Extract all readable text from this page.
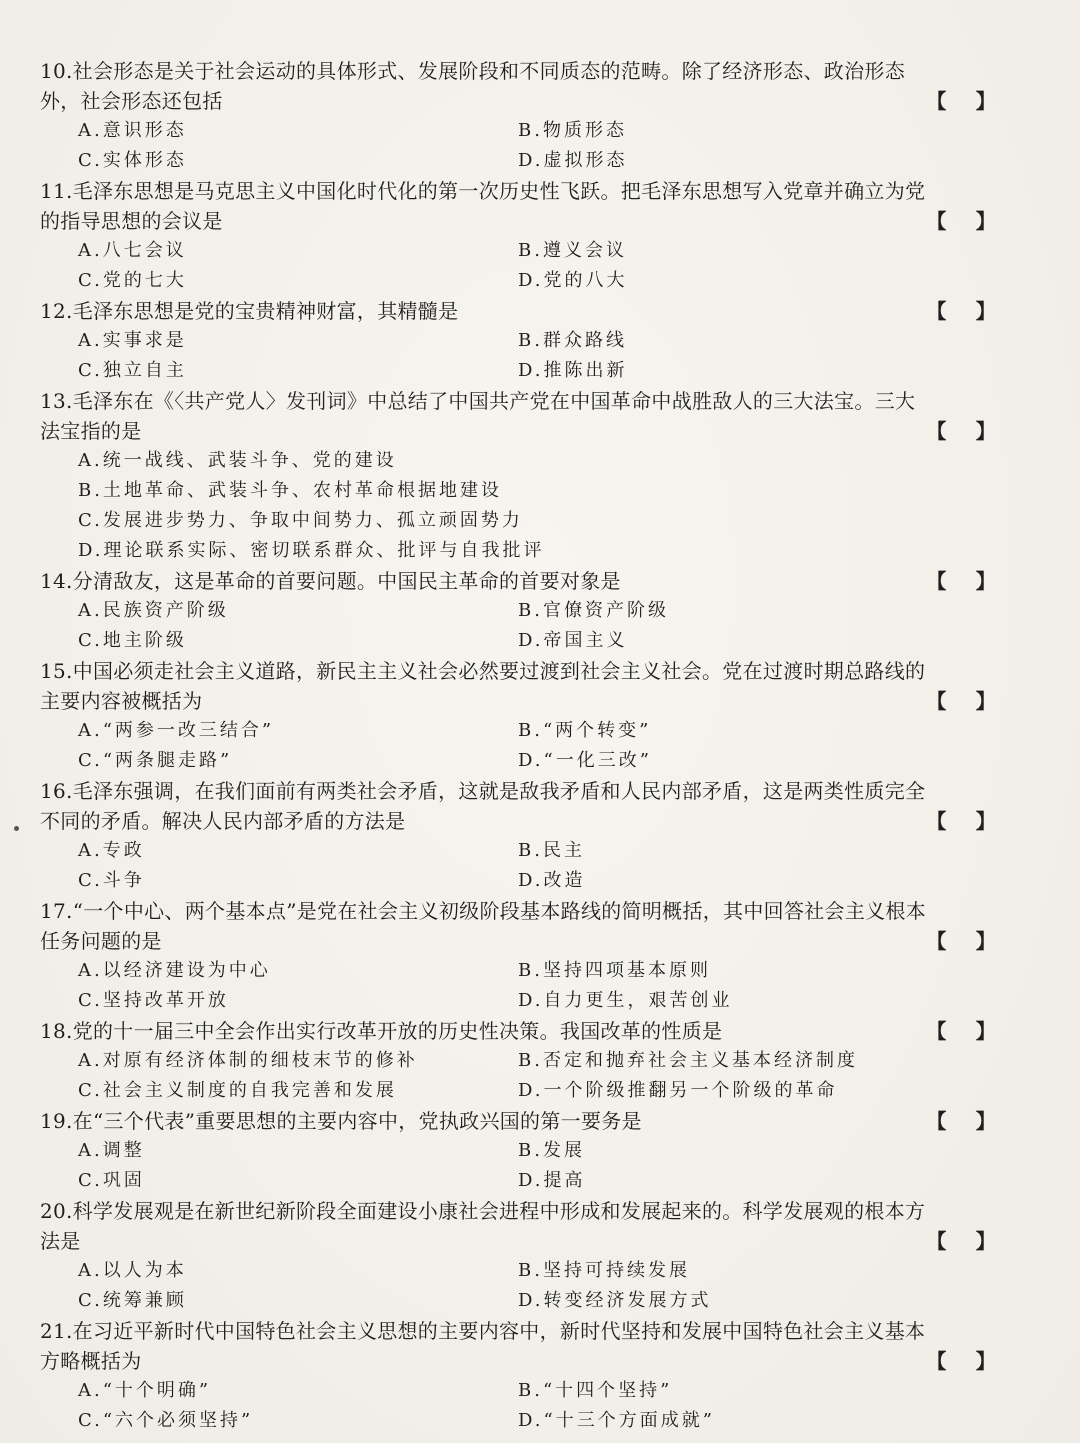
10.社会形态是关于社会运动的具体形式、发展阶段和不同质态的范畴。除了经济形态、政治形态外，社会形态还包括	【    】
A.意识形态	B.物质形态
C.实体形态	D.虚拟形态
11.毛泽东思想是马克思主义中国化时代化的第一次历史性飞跃。把毛泽东思想写入党章并确立为党的指导思想的会议是	【    】
A.八七会议	B.遵义会议
C.党的七大	D.党的八大
12.毛泽东思想是党的宝贵精神财富，其精髓是	【    】
A.实事求是	B.群众路线
C.独立自主	D.推陈出新
13.毛泽东在《〈共产党人〉发刊词》中总结了中国共产党在中国革命中战胜敌人的三大法宝。三大法宝指的是	【    】
A.统一战线、武装斗争、党的建设
B.土地革命、武装斗争、农村革命根据地建设
C.发展进步势力、争取中间势力、孤立顽固势力
D.理论联系实际、密切联系群众、批评与自我批评
14.分清敌友，这是革命的首要问题。中国民主革命的首要对象是	【    】
A.民族资产阶级	B.官僚资产阶级
C.地主阶级	D.帝国主义
15.中国必须走社会主义道路，新民主主义社会必然要过渡到社会主义社会。党在过渡时期总路线的主要内容被概括为	【    】
A.“两参一改三结合”	B.“两个转变”
C.“两条腿走路”	D.“一化三改”
16.毛泽东强调，在我们面前有两类社会矛盾，这就是敌我矛盾和人民内部矛盾，这是两类性质完全不同的矛盾。解决人民内部矛盾的方法是	【    】
A.专政	B.民主
C.斗争	D.改造
17.“一个中心、两个基本点”是党在社会主义初级阶段基本路线的简明概括，其中回答社会主义根本任务问题的是	【    】
A.以经济建设为中心	B.坚持四项基本原则
C.坚持改革开放	D.自力更生，艰苦创业
18.党的十一届三中全会作出实行改革开放的历史性决策。我国改革的性质是	【    】
A.对原有经济体制的细枝末节的修补	B.否定和抛弃社会主义基本经济制度
C.社会主义制度的自我完善和发展	D.一个阶级推翻另一个阶级的革命
19.在“三个代表”重要思想的主要内容中，党执政兴国的第一要务是	【    】
A.调整	B.发展
C.巩固	D.提高
20.科学发展观是在新世纪新阶段全面建设小康社会进程中形成和发展起来的。科学发展观的根本方法是	【    】
A.以人为本	B.坚持可持续发展
C.统筹兼顾	D.转变经济发展方式
21.在习近平新时代中国特色社会主义思想的主要内容中，新时代坚持和发展中国特色社会主义基本方略概括为	【    】
A.“十个明确”	B.“十四个坚持”
C.“六个必须坚持”	D.“十三个方面成就”
